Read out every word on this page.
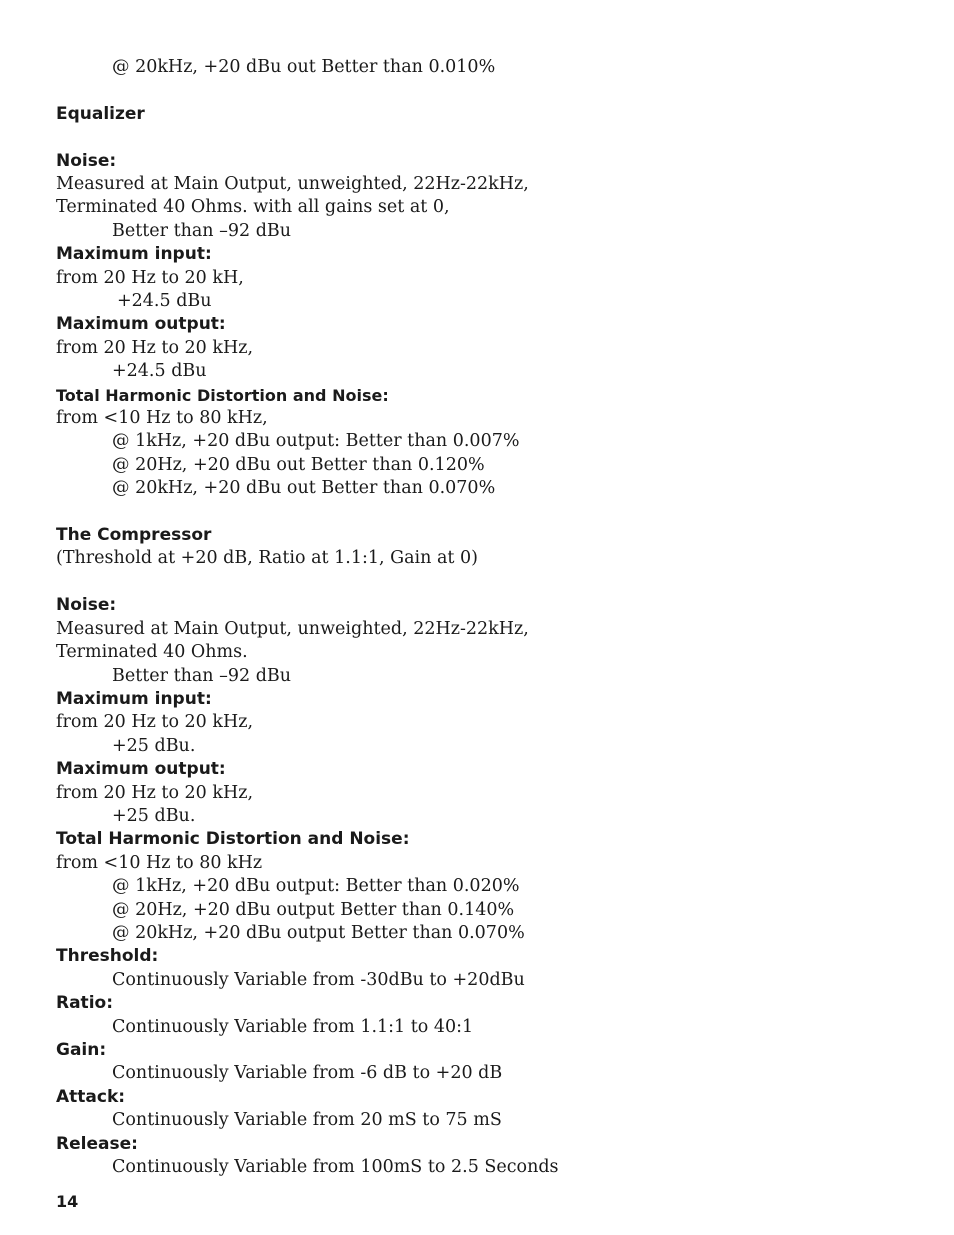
@ 20kHz, +20 dBu out Better than 0.010%
Equalizer
Noise:
Measured at Main Output, unweighted, 22Hz-22kHz,
Terminated 40 Ohms. with all gains set at 0,
Better than –92 dBu
Maximum input:
from 20 Hz to 20 kH,
+24.5 dBu
Maximum output:
from 20 Hz to 20 kHz,
+24.5 dBu
Total Harmonic Distortion and Noise:
from <10 Hz to 80 kHz,
@ 1kHz, +20 dBu output: Better than 0.007%
@ 20Hz, +20 dBu out Better than 0.120%
@ 20kHz, +20 dBu out Better than 0.070%
The Compressor
(Threshold at +20 dB, Ratio at 1.1:1, Gain at 0)
Noise:
Measured at Main Output, unweighted, 22Hz-22kHz,
Terminated 40 Ohms.
Better than –92 dBu
Maximum input:
from 20 Hz to 20 kHz,
+25 dBu.
Maximum output:
from 20 Hz to 20 kHz,
+25 dBu.
Total Harmonic Distortion and Noise:
from <10 Hz to 80 kHz
@ 1kHz, +20 dBu output: Better than 0.020%
@ 20Hz, +20 dBu output Better than 0.140%
@ 20kHz, +20 dBu output Better than 0.070%
Threshold:
Continuously Variable from -30dBu to +20dBu
Ratio:
Continuously Variable from 1.1:1 to 40:1
Gain:
Continuously Variable from -6 dB to +20 dB
Attack:
Continuously Variable from 20 mS to 75 mS
Release:
Continuously Variable from 100mS to 2.5 Seconds
14
